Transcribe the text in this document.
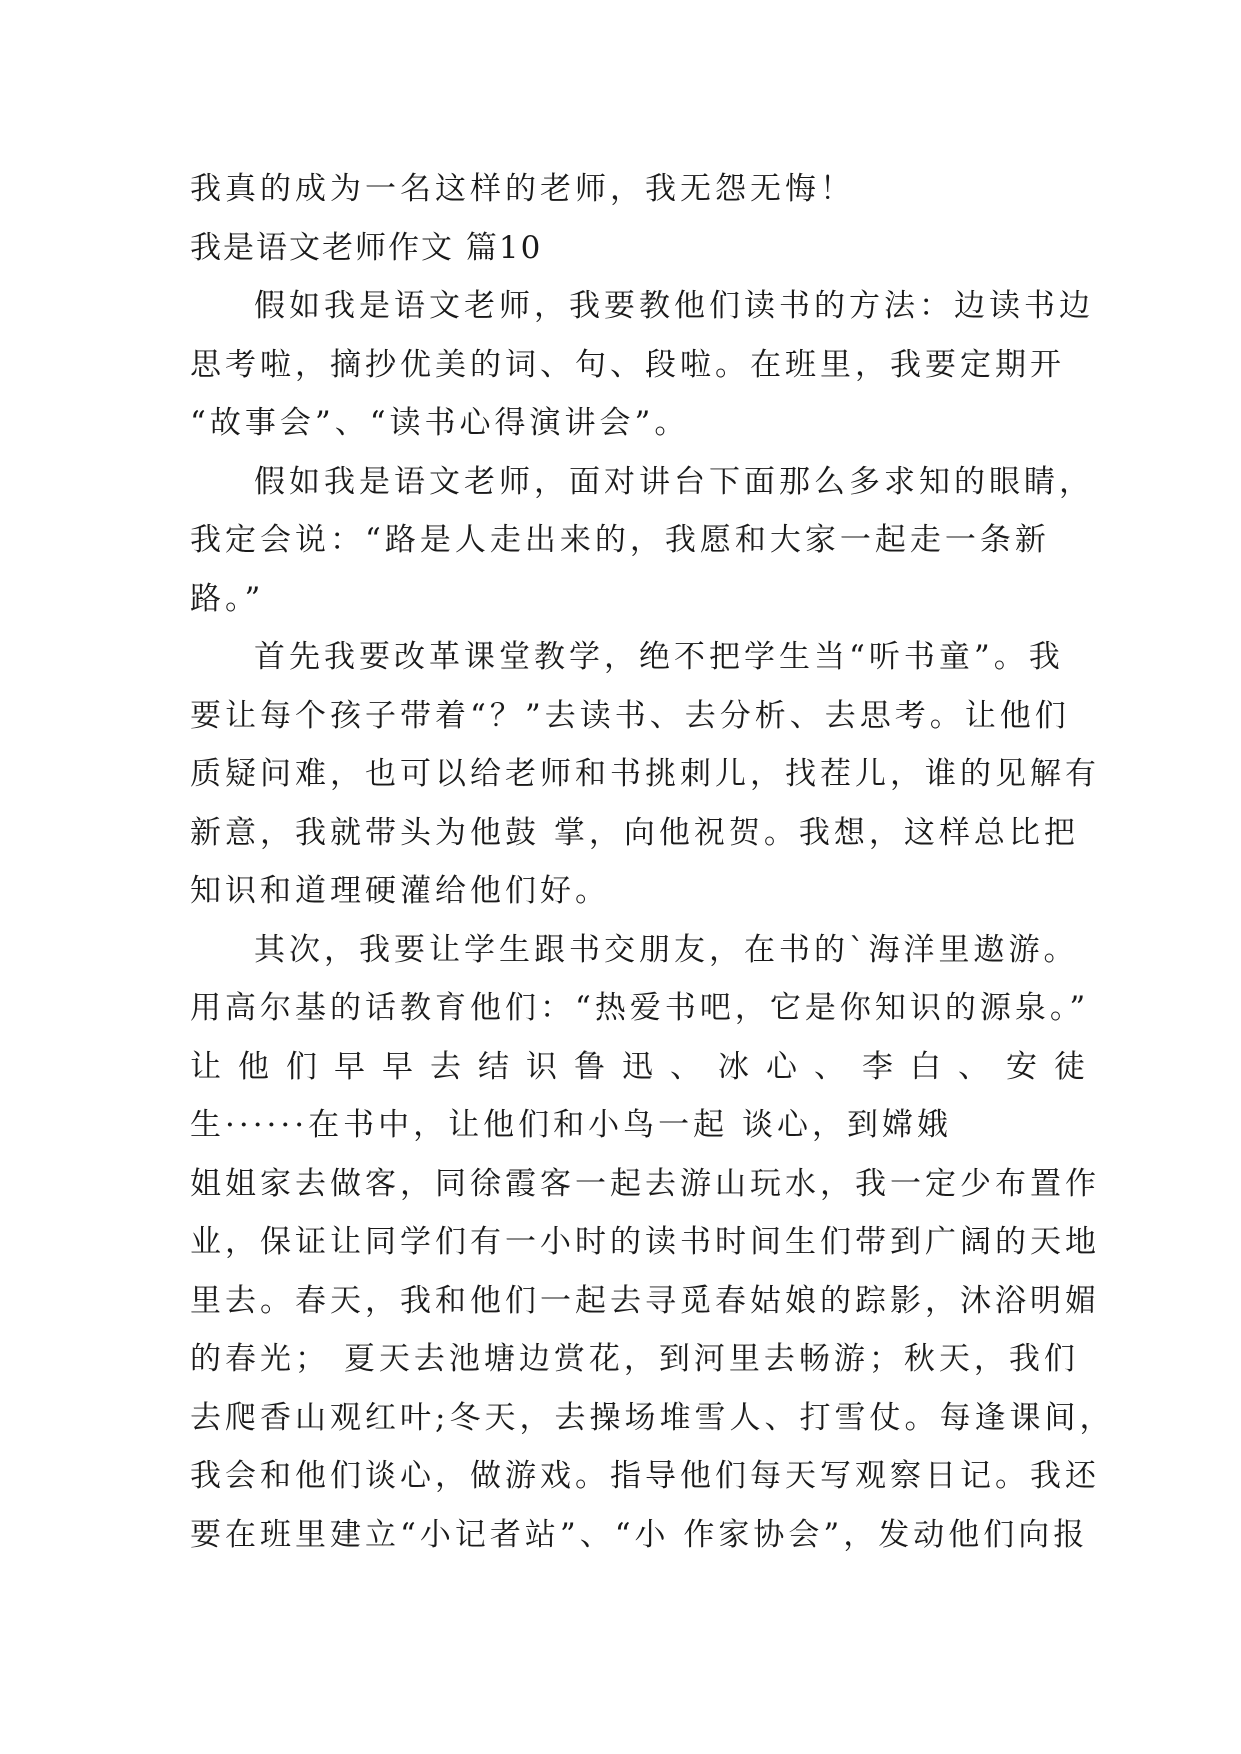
我真的成为一名这样的老师，我无怨无悔！

我是语文老师作文 篇10

假如我是语文老师，我要教他们读书的方法：边读书边

思考啦，摘抄优美的词、句、段啦。在班里，我要定期开

“故事会”、“读书心得演讲会”。

假如我是语文老师，面对讲台下面那么多求知的眼睛，

我定会说：“路是人走出来的，我愿和大家一起走一条新

路。”

首先我要改革课堂教学，绝不把学生当“听书童”。我

要让每个孩子带着“？”去读书、去分析、去思考。让他们

质疑问难，也可以给老师和书挑刺儿，找茬儿，谁的见解有

新意，我就带头为他鼓 掌，向他祝贺。我想，这样总比把

知识和道理硬灌给他们好。

其次，我要让学生跟书交朋友，在书的`海洋里遨游。

用高尔基的话教育他们：“热爱书吧，它是你知识的源泉。”

让他们早早去结识鲁迅、冰心、李白、安徒

生······在书中，让他们和小鸟一起 谈心，到嫦娥

姐姐家去做客，同徐霞客一起去游山玩水，我一定少布置作

业，保证让同学们有一小时的读书时间生们带到广阔的天地

里去。春天，我和他们一起去寻觅春姑娘的踪影，沐浴明媚

的春光； 夏天去池塘边赏花，到河里去畅游；秋天，我们

去爬香山观红叶;冬天，去操场堆雪人、打雪仗。每逢课间，

我会和他们谈心，做游戏。指导他们每天写观察日记。我还

要在班里建立“小记者站”、“小 作家协会”，发动他们向报
